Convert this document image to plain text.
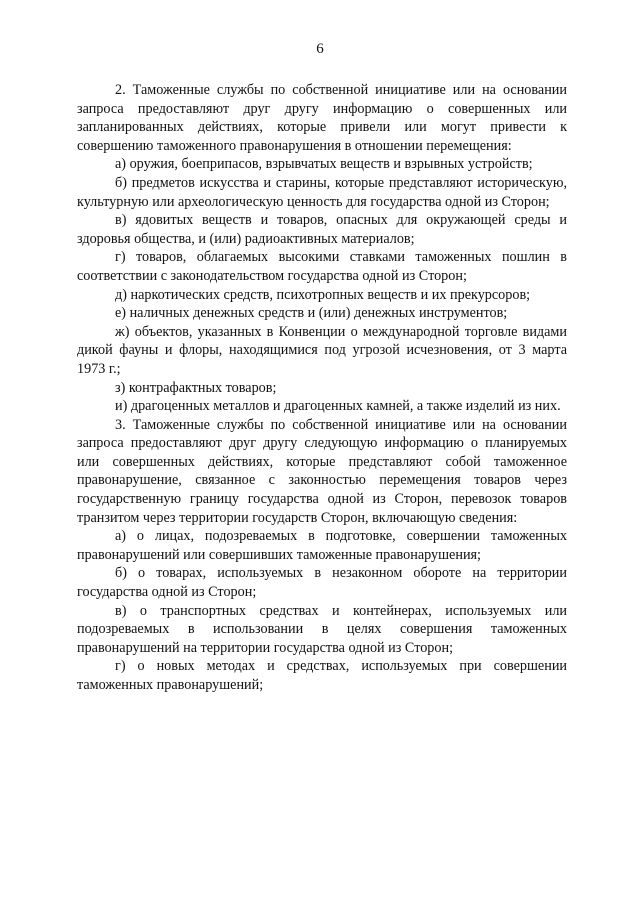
6

2. Таможенные службы по собственной инициативе или на основании запроса предоставляют друг другу информацию о совершенных или запланированных действиях, которые привели или могут привести к совершению таможенного правонарушения в отношении перемещения:

а) оружия, боеприпасов, взрывчатых веществ и взрывных устройств;

б) предметов искусства и старины, которые представляют историческую, культурную или археологическую ценность для государства одной из Сторон;

в) ядовитых веществ и товаров, опасных для окружающей среды и здоровья общества, и (или) радиоактивных материалов;

г) товаров, облагаемых высокими ставками таможенных пошлин в соответствии с законодательством государства одной из Сторон;

д) наркотических средств, психотропных веществ и их прекурсоров;

е) наличных денежных средств и (или) денежных инструментов;

ж) объектов, указанных в Конвенции о международной торговле видами дикой фауны и флоры, находящимися под угрозой исчезновения, от 3 марта 1973 г.;

з) контрафактных товаров;

и) драгоценных металлов и драгоценных камней, а также изделий из них.

3. Таможенные службы по собственной инициативе или на основании запроса предоставляют друг другу следующую информацию о планируемых или совершенных действиях, которые представляют собой таможенное правонарушение, связанное с законностью перемещения товаров через государственную границу государства одной из Сторон, перевозок товаров транзитом через территории государств Сторон, включающую сведения:

а) о лицах, подозреваемых в подготовке, совершении таможенных правонарушений или совершивших таможенные правонарушения;

б) о товарах, используемых в незаконном обороте на территории государства одной из Сторон;

в) о транспортных средствах и контейнерах, используемых или подозреваемых в использовании в целях совершения таможенных правонарушений на территории государства одной из Сторон;

г) о новых методах и средствах, используемых при совершении таможенных правонарушений;
